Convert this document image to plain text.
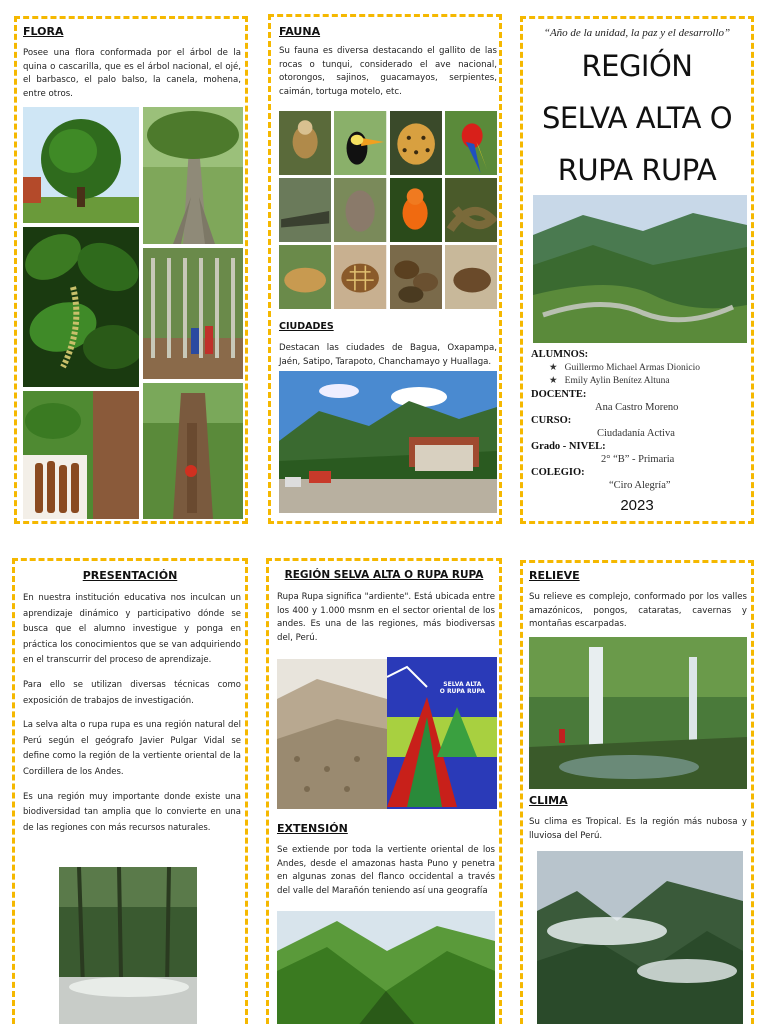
FLORA
Posee una flora conformada por el árbol de la quina o cascarilla, que es el árbol nacional, el ojé, el barbasco, el palo balso, la canela, mohena, entre otros.
FAUNA
Su fauna es diversa destacando el gallito de las rocas o tunqui, considerado el ave nacional, otorongos, sajinos, guacamayos, serpientes, caimán, tortuga motelo, etc.
CIUDADES
Destacan las ciudades de Bagua, Oxapampa, Jaén, Satipo, Tarapoto, Chanchamayo y Huallaga.
“Año de la unidad, la paz y el desarrollo”
REGIÓN
SELVA ALTA O
RUPA RUPA
ALUMNOS:
★   Guillermo Michael Armas Dionicio
★   Emily Aylin Benítez Altuna
DOCENTE:
Ana Castro Moreno
CURSO:
Ciudadanía Activa
Grado - NIVEL:
2° “B” - Primaria
COLEGIO:
“Ciro Alegría”
2023
PRESENTACIÓN

En nuestra institución educativa nos inculcan un aprendizaje dinámico y participativo dónde se busca que el alumno investigue y ponga en práctica los conocimientos que se van adquiriendo en el transcurrir del proceso de aprendizaje.

Para ello se utilizan diversas técnicas como exposición de trabajos de investigación.

La selva alta o rupa rupa es una región natural del Perú según el geógrafo Javier Pulgar Vidal se define como la región de la vertiente oriental de la Cordillera de los Andes.

Es una región muy importante donde existe una biodiversidad tan amplia que lo convierte en una de las regiones con más recursos naturales.

REGIÓN SELVA ALTA O RUPA RUPA
Rupa Rupa significa "ardiente". Está ubicada entre los 400 y 1.000 msnm en el sector oriental de los andes. Es una de las regiones, más biodiversas del, Perú.
SELVA ALTA
O RUPA RUPA
EXTENSIÓN
Se extiende por toda la vertiente oriental de los Andes, desde el amazonas hasta Puno y penetra en algunas zonas del flanco occidental a través del valle del Marañón teniendo así una geografía
RELIEVE
Su relieve es complejo, conformado por los valles amazónicos, pongos, cataratas, cavernas y montañas escarpadas.
CLIMA
Su clima es Tropical. Es la región más nubosa y lluviosa del Perú.
